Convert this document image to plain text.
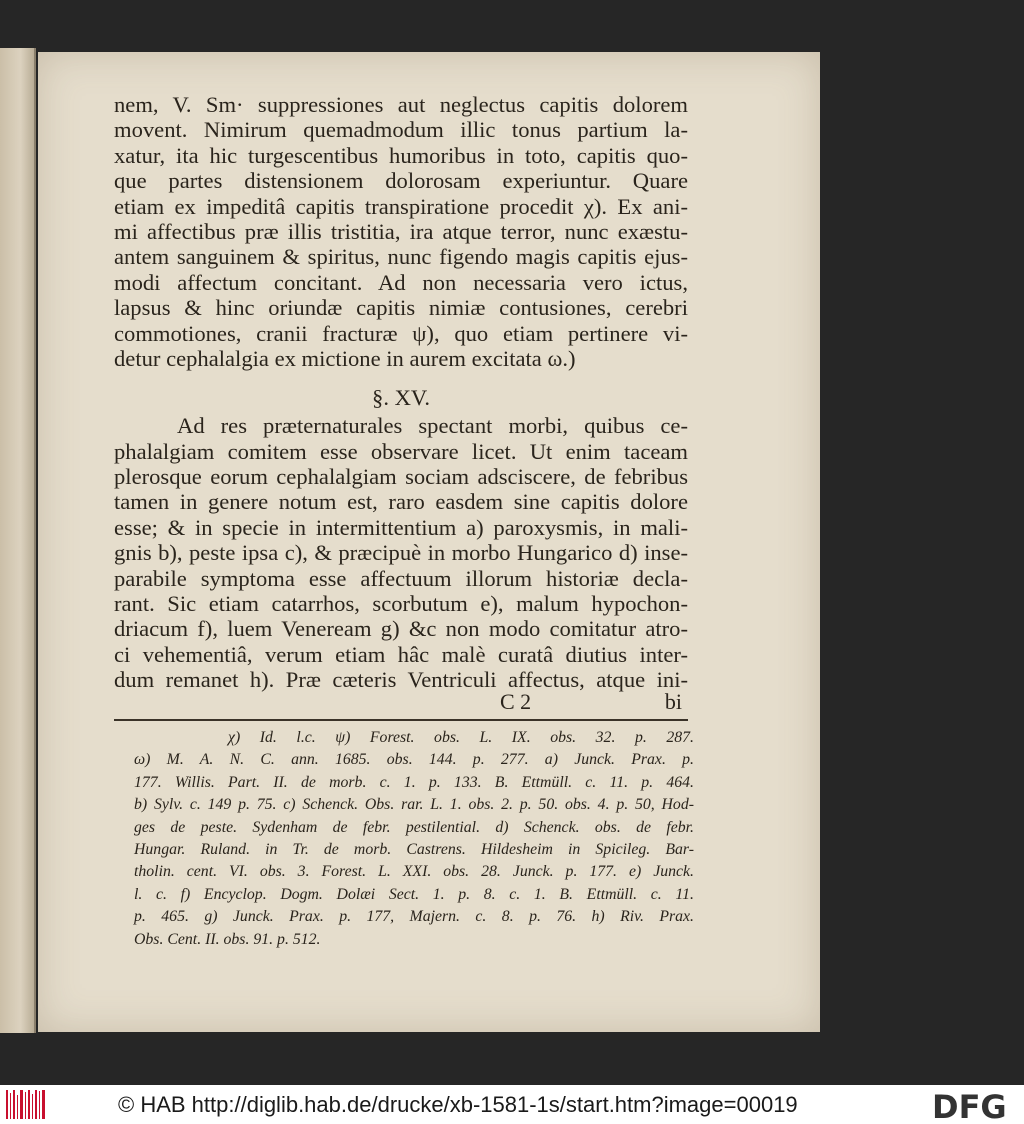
nem, V. Sm· suppressiones aut neglectus capitis dolorem
movent. Nimirum quemadmodum illic tonus partium la-
xatur, ita hic turgescentibus humoribus in toto, capitis quo-
que partes distensionem dolorosam experiuntur. Quare
etiam ex impeditâ capitis transpiratione procedit χ). Ex ani-
mi affectibus præ illis tristitia, ira atque terror, nunc exæstu-
antem sanguinem & spiritus, nunc figendo magis capitis ejus-
modi affectum concitant. Ad non necessaria vero ictus,
lapsus & hinc oriundæ capitis nimiæ contusiones, cerebri
commotiones, cranii fracturæ ψ), quo etiam pertinere vi-
detur cephalalgia ex mictione in aurem excitata ω.)
§. XV.
Ad res præternaturales spectant morbi, quibus ce-
phalalgiam comitem esse observare licet. Ut enim taceam
plerosque eorum cephalalgiam sociam adsciscere, de febribus
tamen in genere notum est, raro easdem sine capitis dolore
esse; & in specie in intermittentium a) paroxysmis, in mali-
gnis b), peste ipsa c), & præcipuè in morbo Hungarico d) inse-
parabile symptoma esse affectuum illorum historiæ decla-
rant. Sic etiam catarrhos, scorbutum e), malum hypochon-
driacum f), luem Veneream g) &c non modo comitatur atro-
ci vehementiâ, verum etiam hâc malè curatâ diutius inter-
dum remanet h). Præ cæteris Ventriculi affectus, atque ini-
C 2	bi
χ) Id. l.c. ψ) Forest. obs. L. IX. obs. 32. p. 287.
ω) M. A. N. C. ann. 1685. obs. 144. p. 277. a) Junck. Prax. p.
177. Willis. Part. II. de morb. c. 1. p. 133. B. Ettmüll. c. 11. p. 464.
b) Sylv. c. 149 p. 75. c) Schenck. Obs. rar. L. 1. obs. 2. p. 50. obs. 4. p. 50, Hod-
ges de peste. Sydenham de febr. pestilential. d) Schenck. obs. de febr.
Hungar. Ruland. in Tr. de morb. Castrens. Hildesheim in Spicileg. Bar-
tholin. cent. VI. obs. 3. Forest. L. XXI. obs. 28. Junck. p. 177. e) Junck.
l. c. f) Encyclop. Dogm. Dolæi Sect. 1. p. 8. c. 1. B. Ettmüll. c. 11.
p. 465. g) Junck. Prax. p. 177, Majern. c. 8. p. 76. h) Riv. Prax.
Obs. Cent. II. obs. 91. p. 512.
© HAB http://diglib.hab.de/drucke/xb-1581-1s/start.htm?image=00019	DFG
